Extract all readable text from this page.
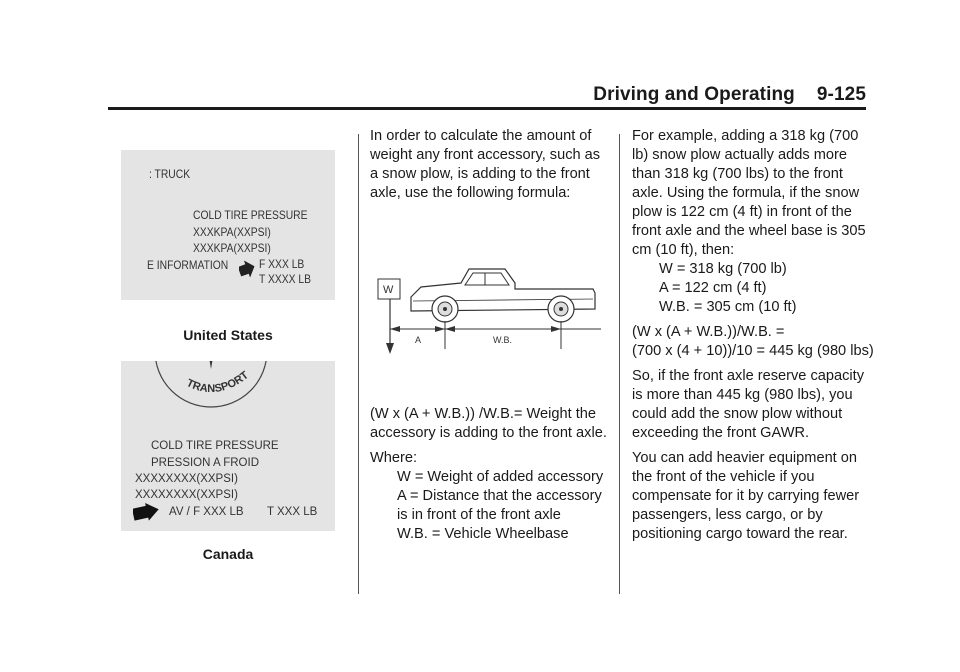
Driving and Operating 9-125
: TRUCK
COLD TIRE PRESSURE
XXXKPA(XXPSI)
XXXKPA(XXPSI)
E INFORMATION	F XXX LB
T XXXX LB
United States
TRANSPORT
COLD TIRE PRESSURE
PRESSION A FROID
XXXXXXXX(XXPSI)
XXXXXXXX(XXPSI)
AV / F XXX LB T XXX LB
Canada

In order to calculate the amount of weight any front accessory, such as a snow plow, is adding to the front axle, use the following formula:

W
A	W.B.

(W x (A + W.B.)) /W.B.= Weight the accessory is adding to the front axle.

Where:

W = Weight of added accessory
A = Distance that the accessory is in front of the front axle
W.B. = Vehicle Wheelbase

For example, adding a 318 kg (700 lb) snow plow actually adds more than 318 kg (700 lbs) to the front axle. Using the formula, if the snow plow is 122 cm (4 ft) in front of the front axle and the wheel base is 305 cm (10 ft), then:

W = 318 kg (700 lb)
A = 122 cm (4 ft)
W.B. = 305 cm (10 ft)
(W x (A + W.B.))/W.B. =

(700 x (4 + 10))/10 = 445 kg (980 lbs)

So, if the front axle reserve capacity is more than 445 kg (980 lbs), you could add the snow plow without exceeding the front GAWR.

You can add heavier equipment on the front of the vehicle if you compensate for it by carrying fewer passengers, less cargo, or by positioning cargo toward the rear.
